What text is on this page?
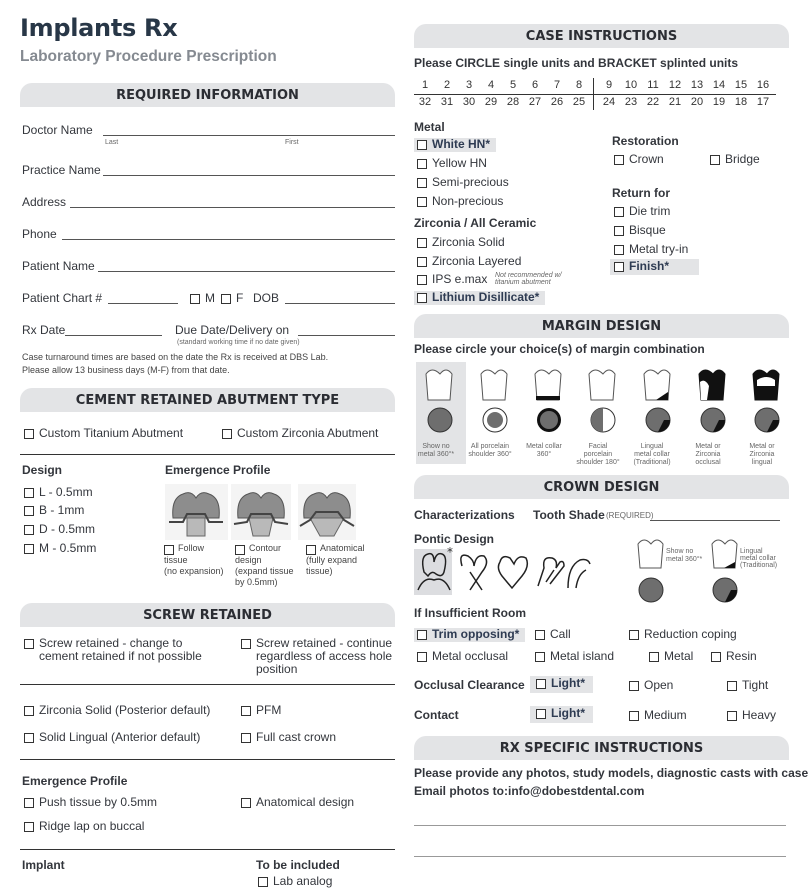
Implants Rx
Laboratory Procedure Prescription
REQUIRED INFORMATION
Doctor Name
Last	First
Practice Name
Address
Phone
Patient Name
Patient Chart #	M F DOB
Rx Date	Due Date/Delivery on
(standard working time if no date given)
Case turnaround times are based on the date the Rx is received at DBS Lab.
Please allow 13 business days (M-F) from that date.
CEMENT RETAINED ABUTMENT TYPE
Custom Titanium Abutment	Custom Zirconia Abutment
Design
L - 0.5mm
B - 1mm
D - 0.5mm
M - 0.5mm
Emergence Profile
Follow
tissue
(no expansion)
Contour
design
(expand tissue
by 0.5mm)
Anatomical
(fully expand
tissue)
SCREW RETAINED
Screw retained - change to
cement retained if not possible
Screw retained - continue
regardless of access hole
position
Zirconia Solid (Posterior default)	PFM
Solid Lingual (Anterior default)	Full cast crown
Emergence Profile
Push tissue by 0.5mm	Anatomical design
Ridge lap on buccal
Implant	To be included
Lab analog
CASE INSTRUCTIONS
Please CIRCLE single units and BRACKET splinted units
1	2	3	4	5	6	7	8	9	10 11 12 13 14 15 16
32 31 30 29 28 27 26 25	24 23 22 21 20 19 18 17
Metal
White HN*
Yellow HN
Semi-precious
Non-precious
Zirconia / All Ceramic
Zirconia Solid
Zirconia Layered
IPS e.max Not recommended w/ titanium abutment
Lithium Disillicate*
Restoration
Crown	Bridge
Return for
Die trim
Bisque
Metal try-in
Finish*
MARGIN DESIGN
Please circle your choice(s) of margin combination
Show no
metal 360°*
All porcelain
shoulder 360°
Metal collar
360°
Facial
porcelain
shoulder 180°
Lingual
metal collar
(Traditional)
Metal or
Zirconia
occlusal
Metal or
Zirconia
lingual
CROWN DESIGN
Characterizations Tooth Shade (REQUIRED)
Pontic Design
*	Show no
metal 360°*
Lingual
metal collar
(Traditional)
If Insufficient Room
Trim opposing*	Call	Reduction coping
Metal occlusal	Metal island	Metal	Resin
Occlusal Clearance Light*	Open	Tight
Contact	Light*	Medium	Heavy
RX SPECIFIC INSTRUCTIONS
Please provide any photos, study models, diagnostic casts with case
Email photos to: info@dobestdental.com
